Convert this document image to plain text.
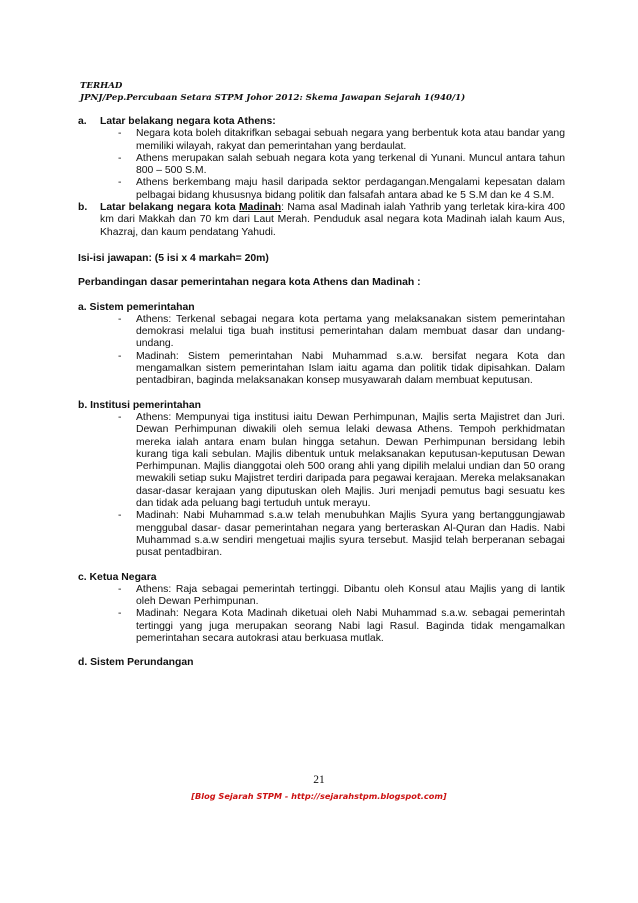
TERHAD
JPNJ/Pep.Percubaan Setara STPM Johor 2012: Skema Jawapan Sejarah 1(940/1)
a.	Latar belakang negara kota Athens:
-	Negara kota boleh ditakrifkan sebagai sebuah negara yang berbentuk kota atau bandar yang memiliki wilayah, rakyat dan pemerintahan yang berdaulat.
-	Athens merupakan salah sebuah negara kota yang terkenal di Yunani. Muncul antara tahun 800 – 500 S.M.
-	Athens berkembang maju hasil daripada sektor perdagangan.Mengalami kepesatan dalam pelbagai bidang khususnya bidang politik dan falsafah antara abad ke 5 S.M dan ke 4 S.M.
b.	Latar belakang negara kota Madinah: Nama asal Madinah ialah Yathrib yang terletak kira-kira 400 km dari Makkah dan 70 km dari Laut Merah. Penduduk asal negara kota Madinah ialah kaum Aus, Khazraj, dan kaum pendatang Yahudi.
Isi-isi jawapan: (5 isi x 4 markah= 20m)
Perbandingan dasar pemerintahan negara kota Athens dan Madinah :
a. Sistem pemerintahan
-	Athens: Terkenal sebagai negara kota pertama yang melaksanakan sistem pemerintahan demokrasi melalui tiga buah institusi pemerintahan dalam membuat dasar dan undang-undang.
-	Madinah: Sistem pemerintahan Nabi Muhammad s.a.w. bersifat negara Kota dan mengamalkan sistem pemerintahan Islam iaitu agama dan politik tidak dipisahkan. Dalam pentadbiran, baginda melaksanakan konsep musyawarah dalam membuat keputusan.
b. Institusi pemerintahan
-	Athens: Mempunyai tiga institusi iaitu Dewan Perhimpunan, Majlis serta Majistret dan Juri. Dewan Perhimpunan diwakili oleh semua lelaki dewasa Athens. Tempoh perkhidmatan mereka ialah antara enam bulan hingga setahun. Dewan Perhimpunan bersidang lebih kurang tiga kali sebulan. Majlis dibentuk untuk melaksanakan keputusan-keputusan Dewan Perhimpunan. Majlis dianggotai oleh 500 orang ahli yang dipilih melalui undian dan 50 orang mewakili setiap suku Majistret terdiri daripada para pegawai kerajaan. Mereka melaksanakan dasar-dasar kerajaan yang diputuskan oleh Majlis. Juri menjadi pemutus bagi sesuatu kes dan tidak ada peluang bagi tertuduh untuk merayu.
-	Madinah: Nabi Muhammad s.a.w telah menubuhkan Majlis Syura yang bertanggungjawab menggubal dasar- dasar pemerintahan negara yang berteraskan Al-Quran dan Hadis. Nabi Muhammad s.a.w sendiri mengetuai majlis syura tersebut. Masjid telah berperanan sebagai pusat pentadbiran.
c. Ketua Negara
-	Athens: Raja sebagai pemerintah tertinggi. Dibantu oleh Konsul atau Majlis yang di lantik oleh Dewan Perhimpunan.
-	Madinah: Negara Kota Madinah diketuai oleh Nabi Muhammad s.a.w. sebagai pemerintah tertinggi yang juga merupakan seorang Nabi lagi Rasul. Baginda tidak mengamalkan pemerintahan secara autokrasi atau berkuasa mutlak.
d. Sistem Perundangan
21
[Blog Sejarah STPM - http://sejarahstpm.blogspot.com]
